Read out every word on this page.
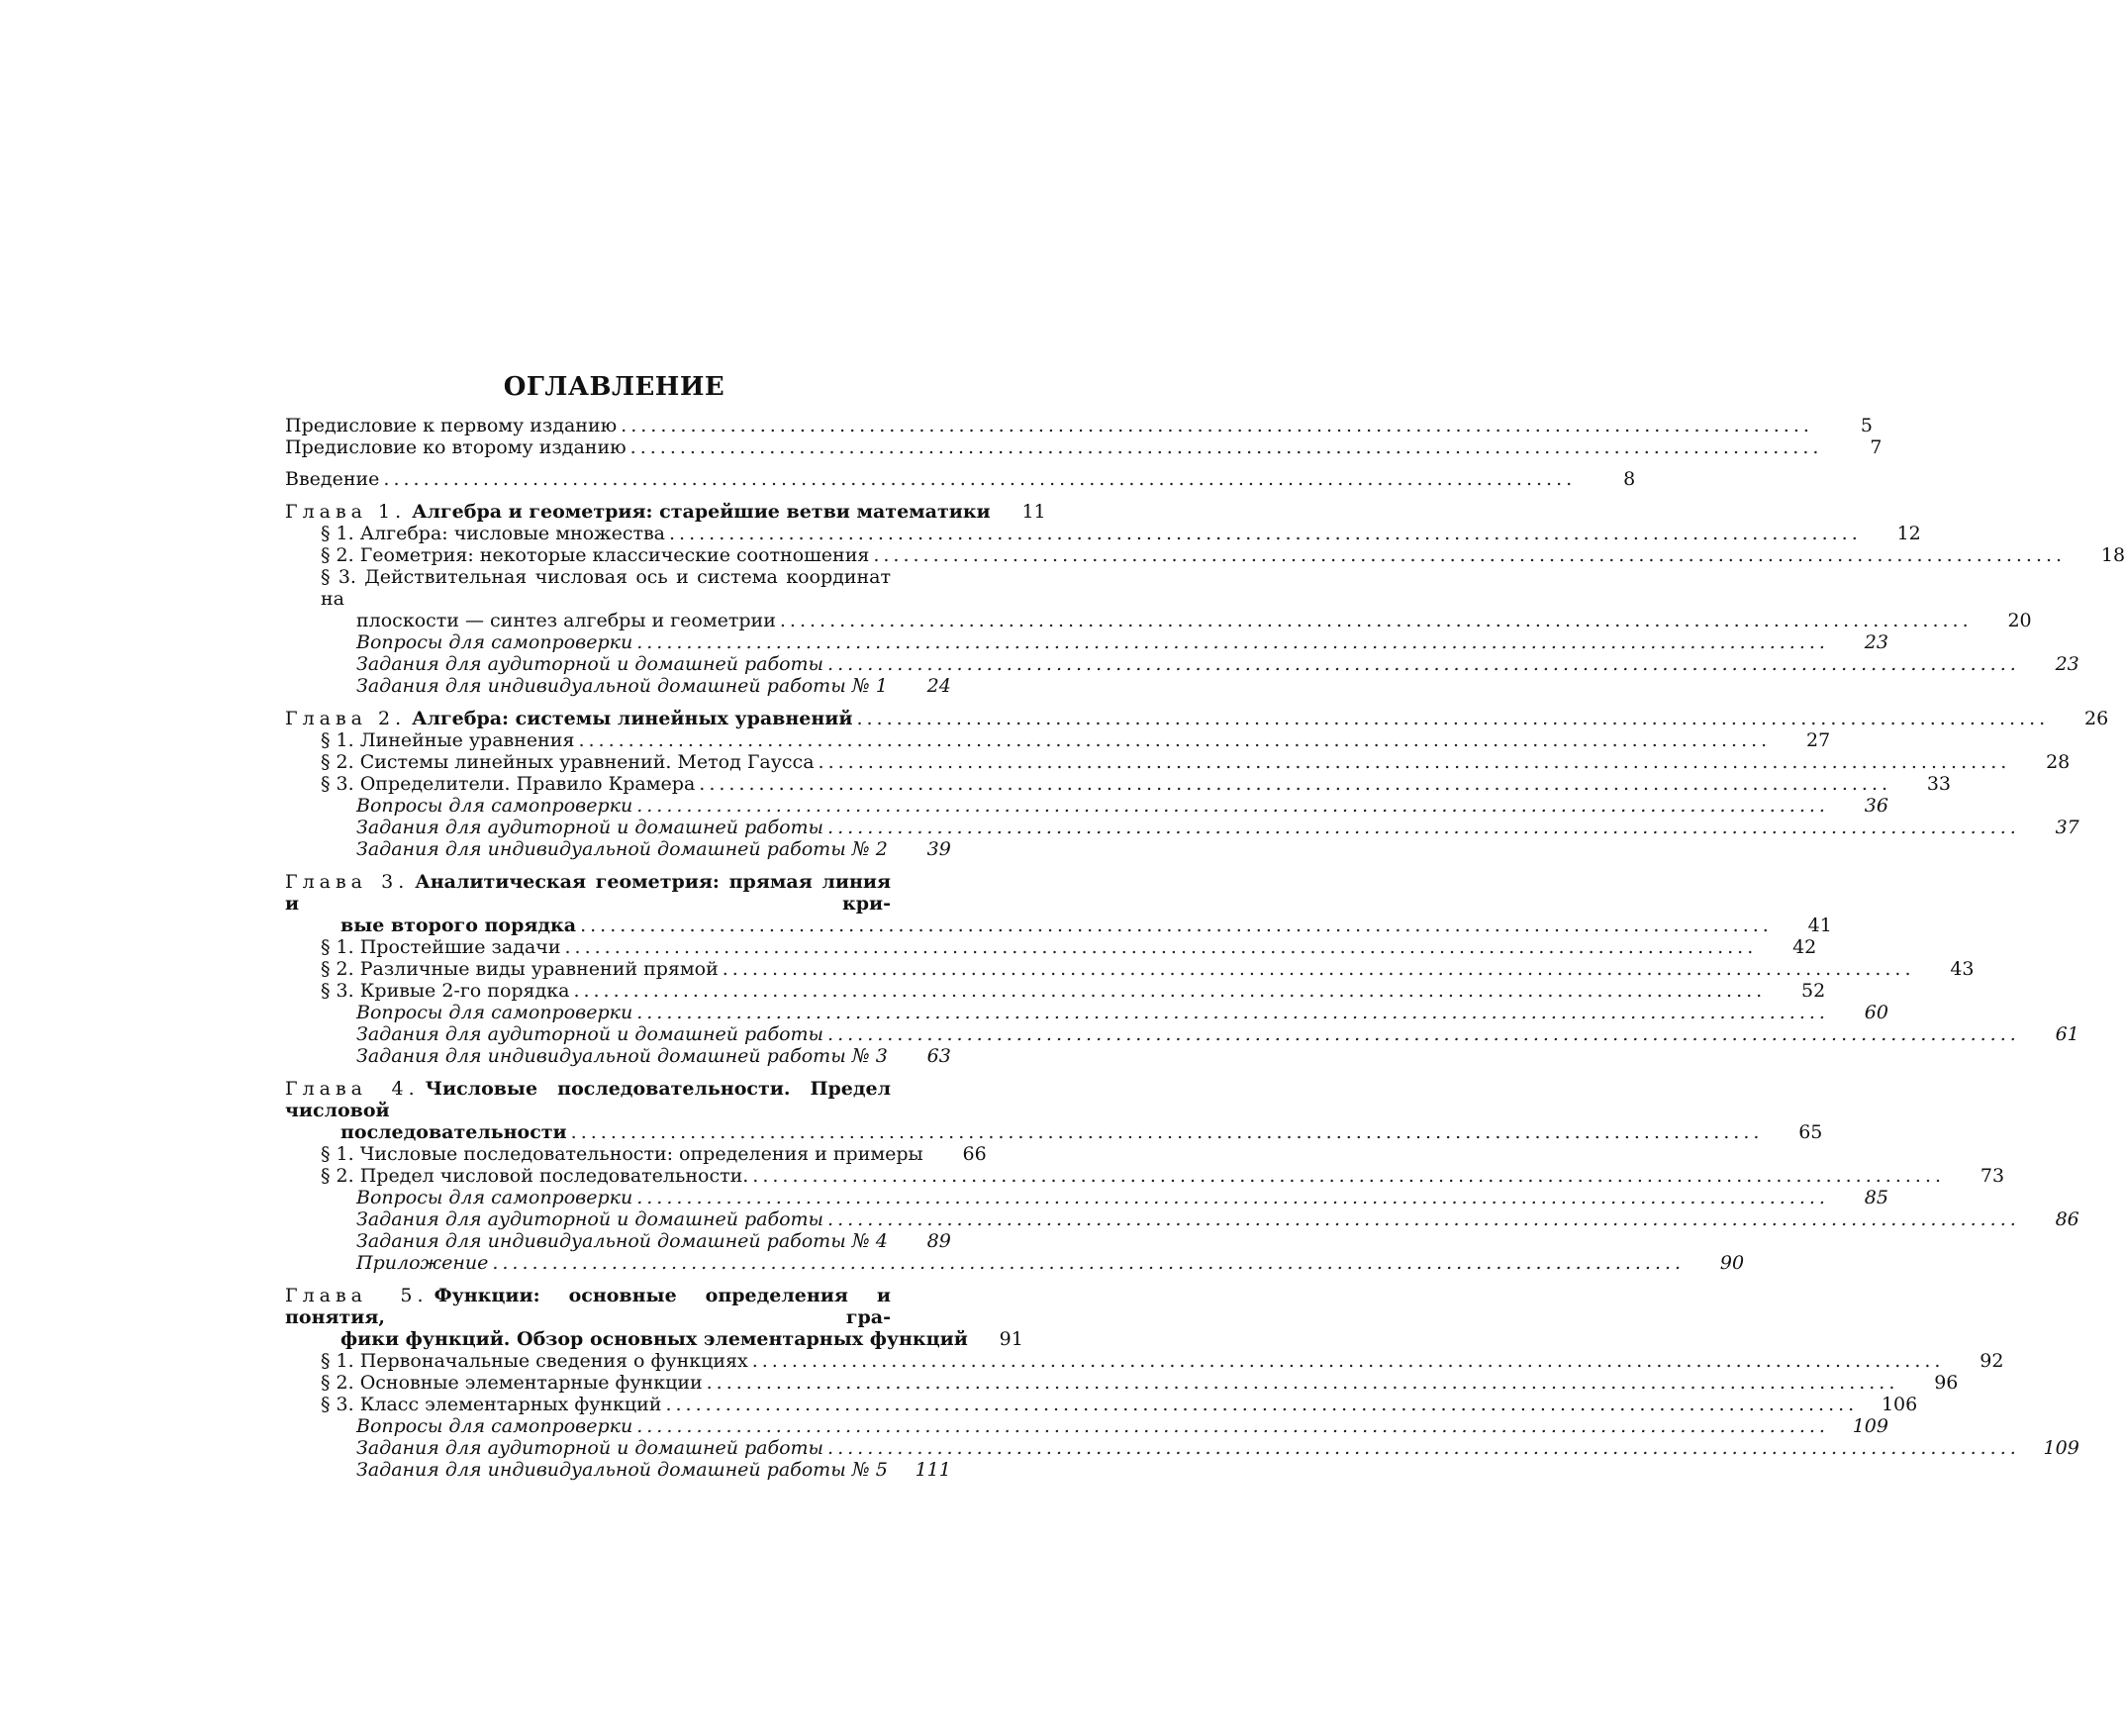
ОГЛАВЛЕНИЕ
Предисловие к первому изданию ........................................................................................................................	5
Предисловие ко второму изданию ........................................................................................................................	7
Введение ........................................................................................................................	8
Глава 1. Алгебра и геометрия: старейшие ветви математики	11
§ 1. Алгебра: числовые множества ........................................................................................................................	12
§ 2. Геометрия: некоторые классические соотношения ........................................................................................................................	18
§ 3. Действительная числовая ось и система координат на
плоскости — синтез алгебры и геометрии ........................................................................................................................	20
Вопросы для самопроверки ........................................................................................................................	23
Задания для аудиторной и домашней работы ........................................................................................................................	23
Задания для индивидуальной домашней работы № 1	24
Глава 2. Алгебра: системы линейных уравнений ........................................................................................................................	26
§ 1. Линейные уравнения ........................................................................................................................	27
§ 2. Системы линейных уравнений. Метод Гаусса ........................................................................................................................	28
§ 3. Определители. Правило Крамера ........................................................................................................................	33
Вопросы для самопроверки ........................................................................................................................	36
Задания для аудиторной и домашней работы ........................................................................................................................	37
Задания для индивидуальной домашней работы № 2	39
Глава 3. Аналитическая геометрия: прямая линия и кри-
вые второго порядка ........................................................................................................................	41
§ 1. Простейшие задачи ........................................................................................................................	42
§ 2. Различные виды уравнений прямой ........................................................................................................................	43
§ 3. Кривые 2-го порядка ........................................................................................................................	52
Вопросы для самопроверки ........................................................................................................................	60
Задания для аудиторной и домашней работы ........................................................................................................................	61
Задания для индивидуальной домашней работы № 3	63
Глава 4. Числовые последовательности. Предел числовой
последовательности ........................................................................................................................	65
§ 1. Числовые последовательности: определения и примеры	66
§ 2. Предел числовой последовательности. ........................................................................................................................	73
Вопросы для самопроверки ........................................................................................................................	85
Задания для аудиторной и домашней работы ........................................................................................................................	86
Задания для индивидуальной домашней работы № 4	89
Приложение ........................................................................................................................	90
Глава 5. Функции: основные определения и понятия, гра-
фики функций. Обзор основных элементарных функций	91
§ 1. Первоначальные сведения о функциях ........................................................................................................................	92
§ 2. Основные элементарные функции ........................................................................................................................	96
§ 3. Класс элементарных функций ........................................................................................................................	106
Вопросы для самопроверки ........................................................................................................................	109
Задания для аудиторной и домашней работы ........................................................................................................................	109
Задания для индивидуальной домашней работы № 5	111
